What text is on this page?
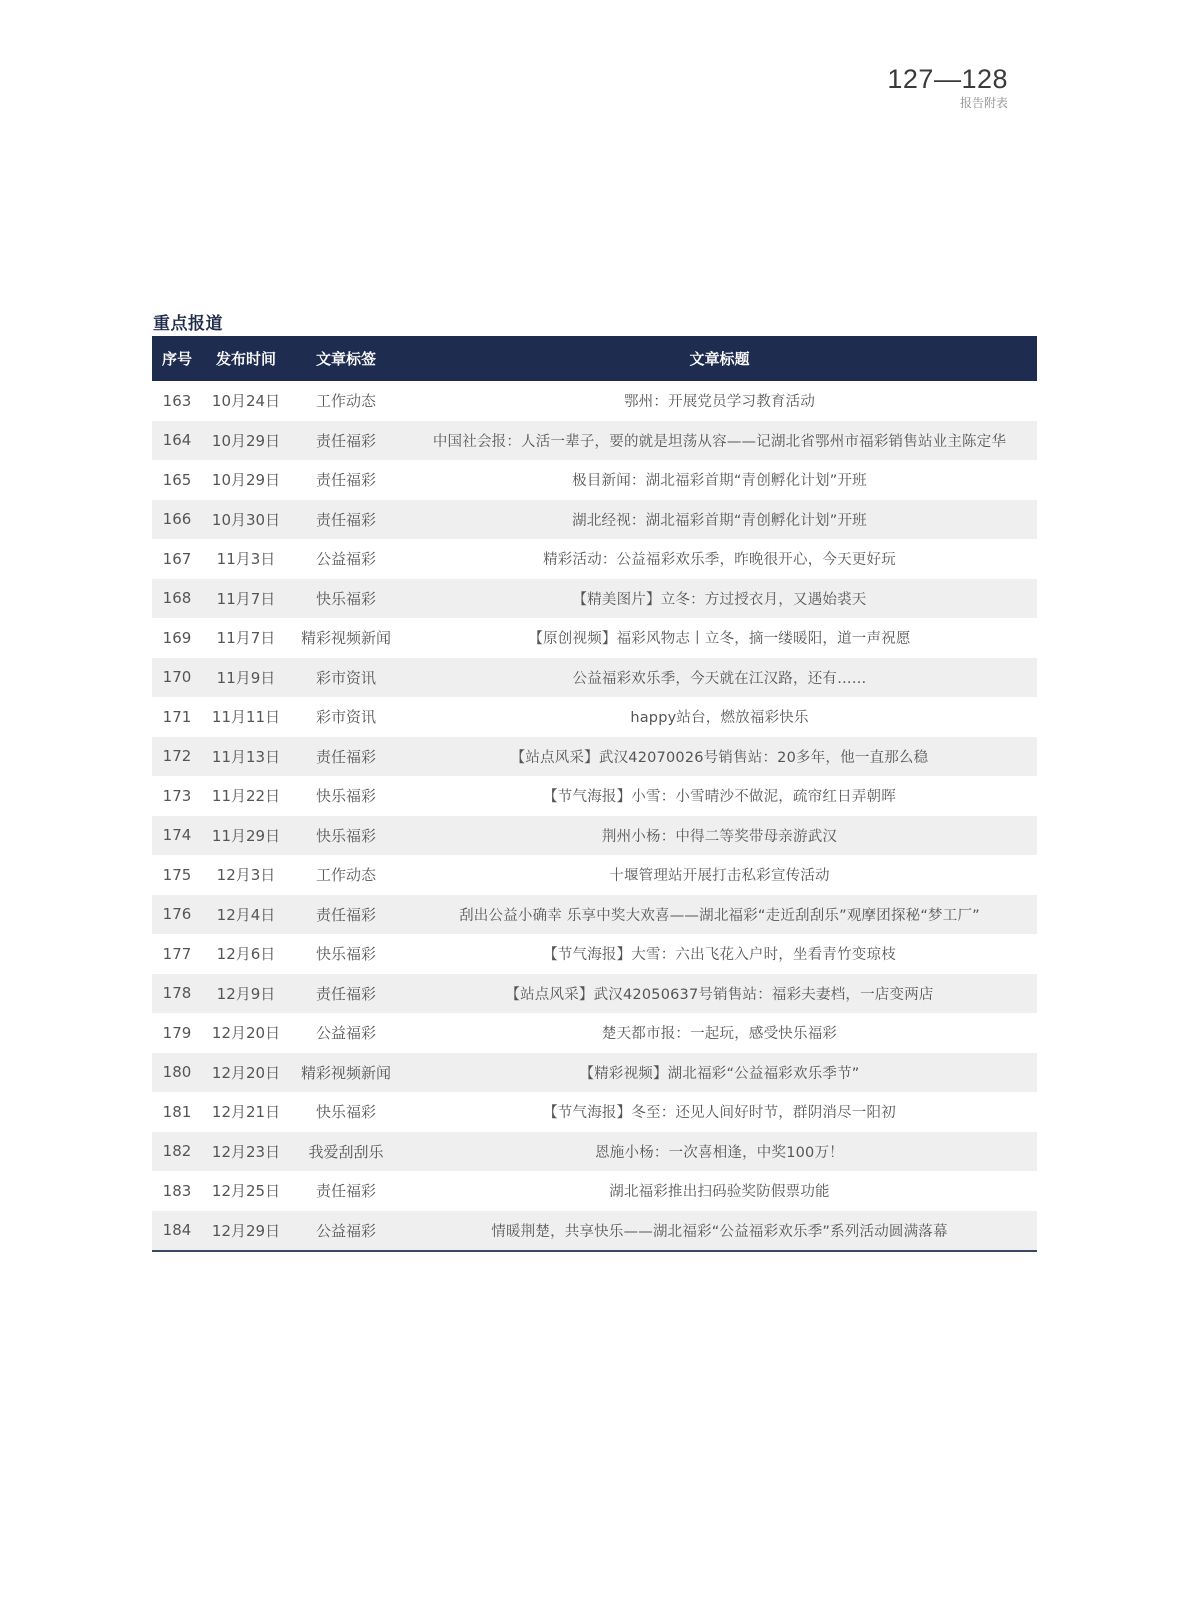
127—128
报告附表
重点报道
序号	发布时间	文章标签	文章标题
163	10月24日	工作动态	鄂州：开展党员学习教育活动
164	10月29日	责任福彩	中国社会报：人活一辈子，要的就是坦荡从容——记湖北省鄂州市福彩销售站业主陈定华
165	10月29日	责任福彩	极目新闻：湖北福彩首期“青创孵化计划”开班
166	10月30日	责任福彩	湖北经视：湖北福彩首期“青创孵化计划”开班
167	11月3日	公益福彩	精彩活动：公益福彩欢乐季，昨晚很开心，今天更好玩
168	11月7日	快乐福彩	【精美图片】立冬：方过授衣月，又遇始裘天
169	11月7日	精彩视频新闻	【原创视频】福彩风物志丨立冬，摘一缕暖阳，道一声祝愿
170	11月9日	彩市资讯	公益福彩欢乐季，今天就在江汉路，还有……
171	11月11日	彩市资讯	happy站台，燃放福彩快乐
172	11月13日	责任福彩	【站点风采】武汉42070026号销售站：20多年，他一直那么稳
173	11月22日	快乐福彩	【节气海报】小雪：小雪晴沙不做泥，疏帘红日弄朝晖
174	11月29日	快乐福彩	荆州小杨：中得二等奖带母亲游武汉
175	12月3日	工作动态	十堰管理站开展打击私彩宣传活动
176	12月4日	责任福彩	刮出公益小确幸 乐享中奖大欢喜——湖北福彩“走近刮刮乐”观摩团探秘“梦工厂”
177	12月6日	快乐福彩	【节气海报】大雪：六出飞花入户时，坐看青竹变琼枝
178	12月9日	责任福彩	【站点风采】武汉42050637号销售站：福彩夫妻档，一店变两店
179	12月20日	公益福彩	楚天都市报：一起玩，感受快乐福彩
180	12月20日	精彩视频新闻	【精彩视频】湖北福彩“公益福彩欢乐季节”
181	12月21日	快乐福彩	【节气海报】冬至：还见人间好时节，群阴消尽一阳初
182	12月23日	我爱刮刮乐	恩施小杨：一次喜相逢，中奖100万！
183	12月25日	责任福彩	湖北福彩推出扫码验奖防假票功能
184	12月29日	公益福彩	情暖荆楚，共享快乐——湖北福彩“公益福彩欢乐季”系列活动圆满落幕
